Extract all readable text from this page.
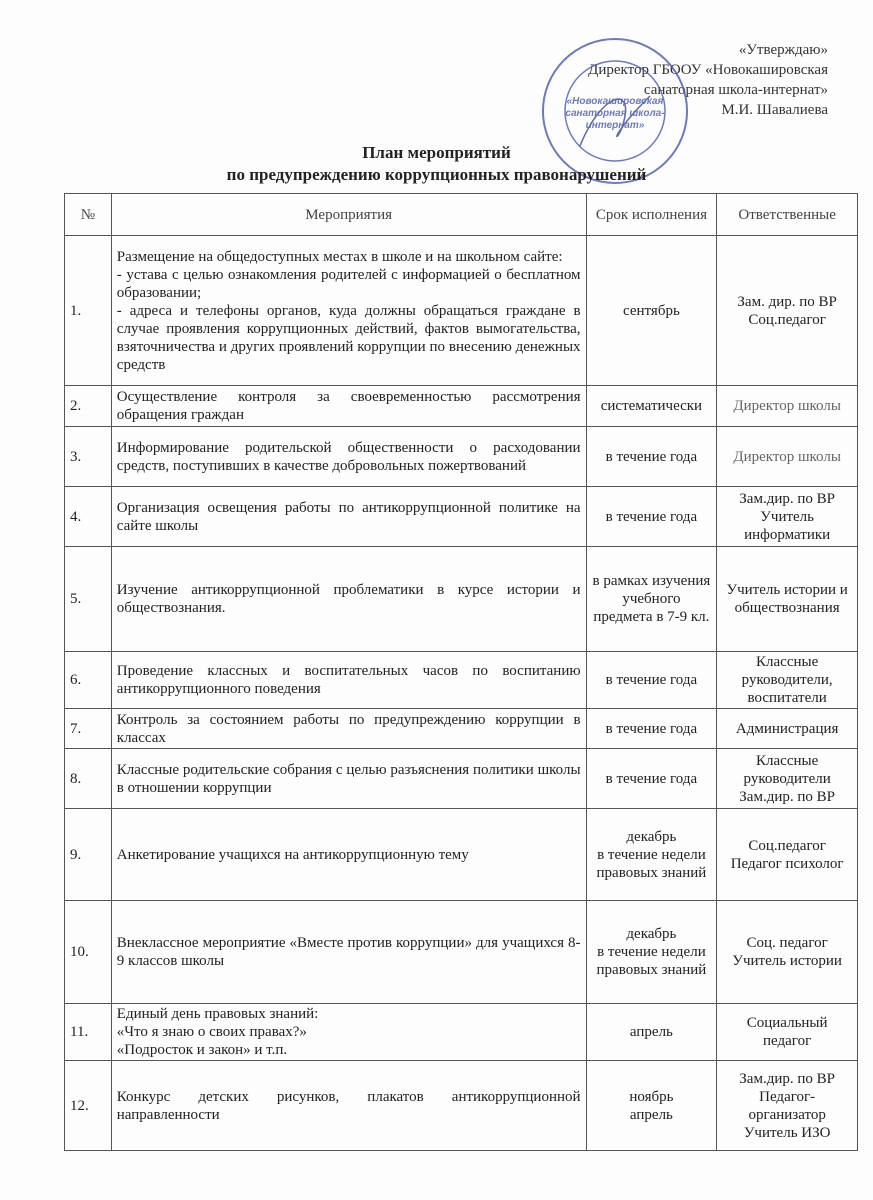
«Утверждаю»
Директор ГБООУ «Новокашировская
санаторная школа-интернат»
М.И. Шавалиева
«Новокашировская
санаторная школа-
интернат»
План мероприятий
по предупреждению коррупционных правонарушений
№	Мероприятия	Срок исполнения	Ответственные
1.	Размещение на общедоступных местах в школе и на школьном сайте:
- устава с целью ознакомления родителей с информацией о бесплатном образовании;
- адреса и телефоны органов, куда должны обращаться граждане в случае проявления коррупционных действий, фактов вымогательства, взяточничества и других проявлений коррупции по внесению денежных средств	сентябрь	Зам. дир. по ВР
Соц.педагог

2.	Осуществление контроля за своевременностью рассмотрения обращения граждан	систематически	Директор школы

3.	Информирование родительской общественности о расходовании средств, поступивших в качестве добровольных пожертвований	в течение года	Директор школы

4.	Организация освещения работы по антикоррупционной политике на сайте школы	в течение года	Зам.дир. по ВР
Учитель информатики

5.	Изучение антикоррупционной проблематики в курсе истории и обществознания.	в рамках изучения учебного предмета в 7-9 кл.	Учитель истории и обществознания

6.	Проведение классных и воспитательных часов по воспитанию антикоррупционного поведения	в течение года	Классные руководители,
воспитатели

7.	Контроль за состоянием работы по предупреждению коррупции в классах	в течение года	Администрация

8.	Классные родительские собрания с целью разъяснения политики школы в отношении коррупции	в течение года	Классные руководители
Зам.дир. по ВР

9.	Анкетирование учащихся на антикоррупционную тему	декабрь
в течение недели правовых знаний	Соц.педагог
Педагог психолог

10.	Внеклассное мероприятие «Вместе против коррупции» для учащихся 8-9 классов школы	декабрь
в течение недели правовых знаний	Соц. педагог
Учитель истории

11.	Единый день правовых знаний:
«Что я знаю о своих правах?»
«Подросток и закон» и т.п.	апрель	Социальный педагог

12.	Конкурс детских рисунков, плакатов антикоррупционной направленности	ноябрь
апрель	Зам.дир. по ВР
Педагог-организатор
Учитель ИЗО
